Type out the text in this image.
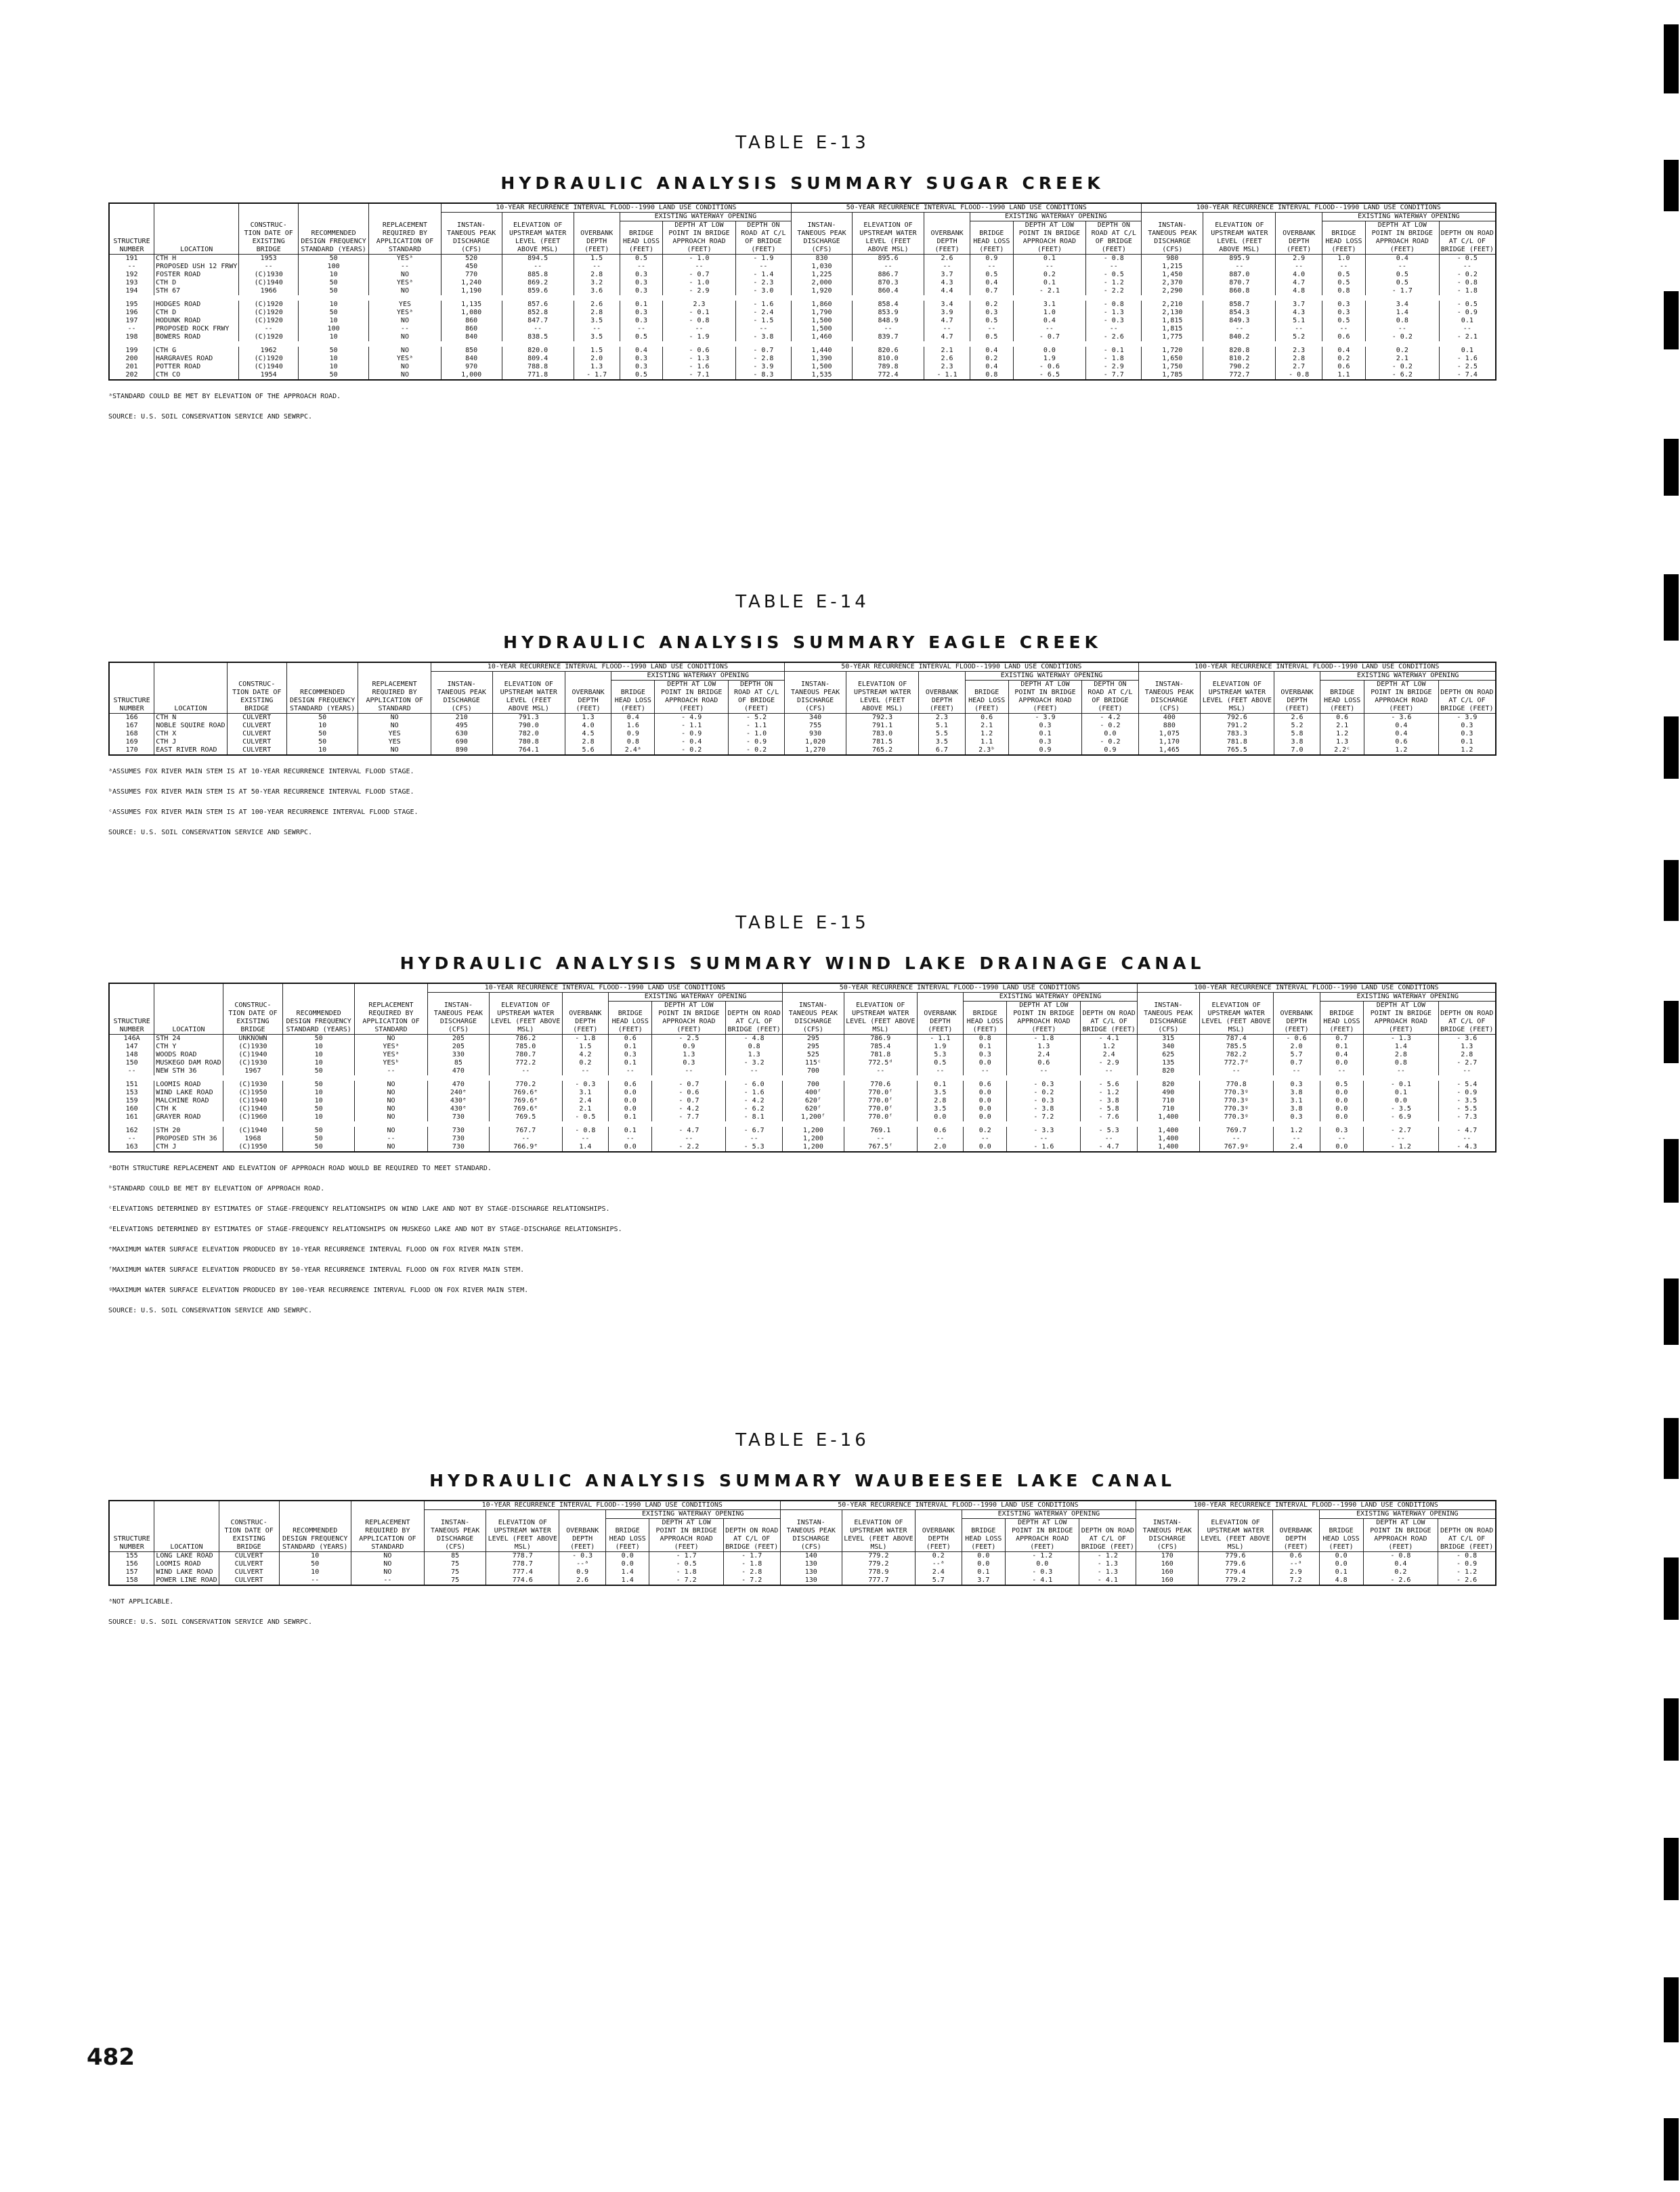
TABLE E-13
HYDRAULIC ANALYSIS SUMMARY SUGAR CREEK
STRUCTURE NUMBER	LOCATION	CONSTRUC- TION DATE OF EXISTING BRIDGE	RECOMMENDED DESIGN FREQUENCY STANDARD (YEARS)	REPLACEMENT REQUIRED BY APPLICATION OF STANDARD	10-YEAR RECURRENCE INTERVAL FLOOD--1990 LAND USE CONDITIONS						50-YEAR RECURRENCE INTERVAL FLOOD--1990 LAND USE CONDITIONS						100-YEAR RECURRENCE INTERVAL FLOOD--1990 LAND USE CONDITIONS					
					INSTAN- TANEOUS PEAK DISCHARGE (CFS)	ELEVATION OF UPSTREAM WATER LEVEL (FEET ABOVE MSL)	OVERBANK DEPTH (FEET)	EXISTING WATERWAY OPENING			INSTAN- TANEOUS PEAK DISCHARGE (CFS)	ELEVATION OF UPSTREAM WATER LEVEL (FEET ABOVE MSL)	OVERBANK DEPTH (FEET)	EXISTING WATERWAY OPENING			INSTAN- TANEOUS PEAK DISCHARGE (CFS)	ELEVATION OF UPSTREAM WATER LEVEL (FEET ABOVE MSL)	OVERBANK DEPTH (FEET)	EXISTING WATERWAY OPENING		
								BRIDGE HEAD LOSS (FEET)	DEPTH AT LOW POINT IN BRIDGE APPROACH ROAD (FEET)	DEPTH ON ROAD AT C/L OF BRIDGE (FEET)				BRIDGE HEAD LOSS (FEET)	DEPTH AT LOW POINT IN BRIDGE APPROACH ROAD (FEET)	DEPTH ON ROAD AT C/L OF BRIDGE (FEET)				BRIDGE HEAD LOSS (FEET)	DEPTH AT LOW POINT IN BRIDGE APPROACH ROAD (FEET)	DEPTH ON ROAD AT C/L OF BRIDGE (FEET)
191	CTH H	1953	50	YESᵃ	520	894.5	1.5	0.5	- 1.0	- 1.9	830	895.6	2.6	0.9	0.1	- 0.8	980	895.9	2.9	1.0	0.4	- 0.5
--	PROPOSED USH 12 FRWY	--	100	--	450	--	--	--	--	--	1,030	--	--	--	--	--	1,215	--	--	--	--	--
192	FOSTER ROAD	(C)1930	10	NO	770	885.8	2.8	0.3	- 0.7	- 1.4	1,225	886.7	3.7	0.5	0.2	- 0.5	1,450	887.0	4.0	0.5	0.5	- 0.2
193	CTH D	(C)1940	50	YESᵃ	1,240	869.2	3.2	0.3	- 1.0	- 2.3	2,000	870.3	4.3	0.4	0.1	- 1.2	2,370	870.7	4.7	0.5	0.5	- 0.8
194	STH 67	1966	50	NO	1,190	859.6	3.6	0.3	- 2.9	- 3.0	1,920	860.4	4.4	0.7	- 2.1	- 2.2	2,290	860.8	4.8	0.8	- 1.7	- 1.8

195	HODGES ROAD	(C)1920	10	YES	1,135	857.6	2.6	0.1	2.3	- 1.6	1,860	858.4	3.4	0.2	3.1	- 0.8	2,210	858.7	3.7	0.3	3.4	- 0.5
196	CTH D	(C)1920	50	YESᵃ	1,080	852.8	2.8	0.3	- 0.1	- 2.4	1,790	853.9	3.9	0.3	1.0	- 1.3	2,130	854.3	4.3	0.3	1.4	- 0.9
197	HODUNK ROAD	(C)1920	10	NO	860	847.7	3.5	0.3	- 0.8	- 1.5	1,500	848.9	4.7	0.5	0.4	- 0.3	1,815	849.3	5.1	0.5	0.8	0.1
--	PROPOSED ROCK FRWY	--	100	--	860	--	--	--	--	--	1,500	--	--	--	--	--	1,815	--	--	--	--	--
198	BOWERS ROAD	(C)1920	10	NO	840	838.5	3.5	0.5	- 1.9	- 3.8	1,460	839.7	4.7	0.5	- 0.7	- 2.6	1,775	840.2	5.2	0.6	- 0.2	- 2.1

199	CTH G	1962	50	NO	850	820.0	1.5	0.4	- 0.6	- 0.7	1,440	820.6	2.1	0.4	0.0	- 0.1	1,720	820.8	2.3	0.4	0.2	0.1
200	HARGRAVES ROAD	(C)1920	10	YESᵃ	840	809.4	2.0	0.3	- 1.3	- 2.8	1,390	810.0	2.6	0.2	1.9	- 1.8	1,650	810.2	2.8	0.2	2.1	- 1.6
201	POTTER ROAD	(C)1940	10	NO	970	788.8	1.3	0.3	- 1.6	- 3.9	1,500	789.8	2.3	0.4	- 0.6	- 2.9	1,750	790.2	2.7	0.6	- 0.2	- 2.5
202	CTH CO	1954	50	NO	1,000	771.8	- 1.7	0.5	- 7.1	- 8.3	1,535	772.4	- 1.1	0.8	- 6.5	- 7.7	1,785	772.7	- 0.8	1.1	- 6.2	- 7.4
ᵃSTANDARD COULD BE MET BY ELEVATION OF THE APPROACH ROAD.
SOURCE: U.S. SOIL CONSERVATION SERVICE AND SEWRPC.
TABLE E-14
HYDRAULIC ANALYSIS SUMMARY EAGLE CREEK
STRUCTURE NUMBER	LOCATION	CONSTRUC- TION DATE OF EXISTING BRIDGE	RECOMMENDED DESIGN FREQUENCY STANDARD (YEARS)	REPLACEMENT REQUIRED BY APPLICATION OF STANDARD	10-YEAR RECURRENCE INTERVAL FLOOD--1990 LAND USE CONDITIONS						50-YEAR RECURRENCE INTERVAL FLOOD--1990 LAND USE CONDITIONS						100-YEAR RECURRENCE INTERVAL FLOOD--1990 LAND USE CONDITIONS					
					INSTAN- TANEOUS PEAK DISCHARGE (CFS)	ELEVATION OF UPSTREAM WATER LEVEL (FEET ABOVE MSL)	OVERBANK DEPTH (FEET)	EXISTING WATERWAY OPENING			INSTAN- TANEOUS PEAK DISCHARGE (CFS)	ELEVATION OF UPSTREAM WATER LEVEL (FEET ABOVE MSL)	OVERBANK DEPTH (FEET)	EXISTING WATERWAY OPENING			INSTAN- TANEOUS PEAK DISCHARGE (CFS)	ELEVATION OF UPSTREAM WATER LEVEL (FEET ABOVE MSL)	OVERBANK DEPTH (FEET)	EXISTING WATERWAY OPENING		
								BRIDGE HEAD LOSS (FEET)	DEPTH AT LOW POINT IN BRIDGE APPROACH ROAD (FEET)	DEPTH ON ROAD AT C/L OF BRIDGE (FEET)				BRIDGE HEAD LOSS (FEET)	DEPTH AT LOW POINT IN BRIDGE APPROACH ROAD (FEET)	DEPTH ON ROAD AT C/L OF BRIDGE (FEET)				BRIDGE HEAD LOSS (FEET)	DEPTH AT LOW POINT IN BRIDGE APPROACH ROAD (FEET)	DEPTH ON ROAD AT C/L OF BRIDGE (FEET)
166	CTH N	CULVERT	50	NO	210	791.3	1.3	0.4	- 4.9	- 5.2	340	792.3	2.3	0.6	- 3.9	- 4.2	400	792.6	2.6	0.6	- 3.6	- 3.9
167	NOBLE SQUIRE ROAD	CULVERT	10	NO	495	790.0	4.0	1.6	- 1.1	- 1.1	755	791.1	5.1	2.1	0.3	- 0.2	880	791.2	5.2	2.1	0.4	0.3
168	CTH X	CULVERT	50	YES	630	782.0	4.5	0.9	- 0.9	- 1.0	930	783.0	5.5	1.2	0.1	0.0	1,075	783.3	5.8	1.2	0.4	0.3
169	CTH J	CULVERT	50	YES	690	780.8	2.8	0.8	- 0.4	- 0.9	1,020	781.5	3.5	1.1	0.3	- 0.2	1,170	781.8	3.8	1.3	0.6	0.1
170	EAST RIVER ROAD	CULVERT	10	NO	890	764.1	5.6	2.4ᵃ	- 0.2	- 0.2	1,270	765.2	6.7	2.3ᵇ	0.9	0.9	1,465	765.5	7.0	2.2ᶜ	1.2	1.2
ᵃASSUMES FOX RIVER MAIN STEM IS AT 10-YEAR RECURRENCE INTERVAL FLOOD STAGE.
ᵇASSUMES FOX RIVER MAIN STEM IS AT 50-YEAR RECURRENCE INTERVAL FLOOD STAGE.
ᶜASSUMES FOX RIVER MAIN STEM IS AT 100-YEAR RECURRENCE INTERVAL FLOOD STAGE.
SOURCE: U.S. SOIL CONSERVATION SERVICE AND SEWRPC.
TABLE E-15
HYDRAULIC ANALYSIS SUMMARY WIND LAKE DRAINAGE CANAL
STRUCTURE NUMBER	LOCATION	CONSTRUC- TION DATE OF EXISTING BRIDGE	RECOMMENDED DESIGN FREQUENCY STANDARD (YEARS)	REPLACEMENT REQUIRED BY APPLICATION OF STANDARD	10-YEAR RECURRENCE INTERVAL FLOOD--1990 LAND USE CONDITIONS						50-YEAR RECURRENCE INTERVAL FLOOD--1990 LAND USE CONDITIONS						100-YEAR RECURRENCE INTERVAL FLOOD--1990 LAND USE CONDITIONS					
					INSTAN- TANEOUS PEAK DISCHARGE (CFS)	ELEVATION OF UPSTREAM WATER LEVEL (FEET ABOVE MSL)	OVERBANK DEPTH (FEET)	EXISTING WATERWAY OPENING			INSTAN- TANEOUS PEAK DISCHARGE (CFS)	ELEVATION OF UPSTREAM WATER LEVEL (FEET ABOVE MSL)	OVERBANK DEPTH (FEET)	EXISTING WATERWAY OPENING			INSTAN- TANEOUS PEAK DISCHARGE (CFS)	ELEVATION OF UPSTREAM WATER LEVEL (FEET ABOVE MSL)	OVERBANK DEPTH (FEET)	EXISTING WATERWAY OPENING		
								BRIDGE HEAD LOSS (FEET)	DEPTH AT LOW POINT IN BRIDGE APPROACH ROAD (FEET)	DEPTH ON ROAD AT C/L OF BRIDGE (FEET)				BRIDGE HEAD LOSS (FEET)	DEPTH AT LOW POINT IN BRIDGE APPROACH ROAD (FEET)	DEPTH ON ROAD AT C/L OF BRIDGE (FEET)				BRIDGE HEAD LOSS (FEET)	DEPTH AT LOW POINT IN BRIDGE APPROACH ROAD (FEET)	DEPTH ON ROAD AT C/L OF BRIDGE (FEET)
146A	STH 24	UNKNOWN	50	NO	205	786.2	- 1.8	0.6	- 2.5	- 4.8	295	786.9	- 1.1	0.8	- 1.8	- 4.1	315	787.4	- 0.6	0.7	- 1.3	- 3.6
147	CTH Y	(C)1930	10	YESᵃ	205	785.0	1.5	0.1	0.9	0.8	295	785.4	1.9	0.1	1.3	1.2	340	785.5	2.0	0.1	1.4	1.3
148	WOODS ROAD	(C)1940	10	YESᵃ	330	780.7	4.2	0.3	1.3	1.3	525	781.8	5.3	0.3	2.4	2.4	625	782.2	5.7	0.4	2.8	2.8
150	MUSKEGO DAM ROAD	(C)1930	10	YESᵇ	85	772.2	0.2	0.1	0.3	- 3.2	115ᶜ	772.5ᵈ	0.5	0.0	0.6	- 2.9	135	772.7ᵈ	0.7	0.0	0.8	- 2.7
--	NEW STH 36	1967	50	--	470	--	--	--	--	--	700	--	--	--	--	--	820	--	--	--	--	--

151	LOOMIS ROAD	(C)1930	50	NO	470	770.2	- 0.3	0.6	- 0.7	- 6.0	700	770.6	0.1	0.6	- 0.3	- 5.6	820	770.8	0.3	0.5	- 0.1	- 5.4
153	WIND LAKE ROAD	(C)1950	10	NO	240ᵉ	769.6ᵉ	3.1	0.0	- 0.6	- 1.6	400ᶠ	770.0ᶠ	3.5	0.0	- 0.2	- 1.2	490	770.3ᵍ	3.8	0.0	0.1	- 0.9
159	MALCHINE ROAD	(C)1940	10	NO	430ᵉ	769.6ᵉ	2.4	0.0	- 0.7	- 4.2	620ᶠ	770.0ᶠ	2.8	0.0	- 0.3	- 3.8	710	770.3ᵍ	3.1	0.0	0.0	- 3.5
160	CTH K	(C)1940	50	NO	430ᵉ	769.6ᵉ	2.1	0.0	- 4.2	- 6.2	620ᶠ	770.0ᶠ	3.5	0.0	- 3.8	- 5.8	710	770.3ᵍ	3.8	0.0	- 3.5	- 5.5
161	GRAYER ROAD	(C)1960	10	NO	730	769.5	- 0.5	0.1	- 7.7	- 8.1	1,200ᶠ	770.0ᶠ	0.0	0.0	- 7.2	- 7.6	1,400	770.3ᵍ	0.3	0.0	- 6.9	- 7.3

162	STH 20	(C)1940	50	NO	730	767.7	- 0.8	0.1	- 4.7	- 6.7	1,200	769.1	0.6	0.2	- 3.3	- 5.3	1,400	769.7	1.2	0.3	- 2.7	- 4.7
--	PROPOSED STH 36	1968	50	--	730	--	--	--	--	--	1,200	--	--	--	--	--	1,400	--	--	--	--	--
163	CTH J	(C)1950	50	NO	730	766.9ᵉ	1.4	0.0	- 2.2	- 5.3	1,200	767.5ᶠ	2.0	0.0	- 1.6	- 4.7	1,400	767.9ᵍ	2.4	0.0	- 1.2	- 4.3
ᵃBOTH STRUCTURE REPLACEMENT AND ELEVATION OF APPROACH ROAD WOULD BE REQUIRED TO MEET STANDARD.
ᵇSTANDARD COULD BE MET BY ELEVATION OF APPROACH ROAD.
ᶜELEVATIONS DETERMINED BY ESTIMATES OF STAGE-FREQUENCY RELATIONSHIPS ON WIND LAKE AND NOT BY STAGE-DISCHARGE RELATIONSHIPS.
ᵈELEVATIONS DETERMINED BY ESTIMATES OF STAGE-FREQUENCY RELATIONSHIPS ON MUSKEGO LAKE AND NOT BY STAGE-DISCHARGE RELATIONSHIPS.
ᵉMAXIMUM WATER SURFACE ELEVATION PRODUCED BY 10-YEAR RECURRENCE INTERVAL FLOOD ON FOX RIVER MAIN STEM.
ᶠMAXIMUM WATER SURFACE ELEVATION PRODUCED BY 50-YEAR RECURRENCE INTERVAL FLOOD ON FOX RIVER MAIN STEM.
ᵍMAXIMUM WATER SURFACE ELEVATION PRODUCED BY 100-YEAR RECURRENCE INTERVAL FLOOD ON FOX RIVER MAIN STEM.
SOURCE: U.S. SOIL CONSERVATION SERVICE AND SEWRPC.
TABLE E-16
HYDRAULIC ANALYSIS SUMMARY WAUBEESEE LAKE CANAL
STRUCTURE NUMBER	LOCATION	CONSTRUC- TION DATE OF EXISTING BRIDGE	RECOMMENDED DESIGN FREQUENCY STANDARD (YEARS)	REPLACEMENT REQUIRED BY APPLICATION OF STANDARD	10-YEAR RECURRENCE INTERVAL FLOOD--1990 LAND USE CONDITIONS						50-YEAR RECURRENCE INTERVAL FLOOD--1990 LAND USE CONDITIONS						100-YEAR RECURRENCE INTERVAL FLOOD--1990 LAND USE CONDITIONS					
					INSTAN- TANEOUS PEAK DISCHARGE (CFS)	ELEVATION OF UPSTREAM WATER LEVEL (FEET ABOVE MSL)	OVERBANK DEPTH (FEET)	EXISTING WATERWAY OPENING			INSTAN- TANEOUS PEAK DISCHARGE (CFS)	ELEVATION OF UPSTREAM WATER LEVEL (FEET ABOVE MSL)	OVERBANK DEPTH (FEET)	EXISTING WATERWAY OPENING			INSTAN- TANEOUS PEAK DISCHARGE (CFS)	ELEVATION OF UPSTREAM WATER LEVEL (FEET ABOVE MSL)	OVERBANK DEPTH (FEET)	EXISTING WATERWAY OPENING		
								BRIDGE HEAD LOSS (FEET)	DEPTH AT LOW POINT IN BRIDGE APPROACH ROAD (FEET)	DEPTH ON ROAD AT C/L OF BRIDGE (FEET)				BRIDGE HEAD LOSS (FEET)	DEPTH AT LOW POINT IN BRIDGE APPROACH ROAD (FEET)	DEPTH ON ROAD AT C/L OF BRIDGE (FEET)				BRIDGE HEAD LOSS (FEET)	DEPTH AT LOW POINT IN BRIDGE APPROACH ROAD (FEET)	DEPTH ON ROAD AT C/L OF BRIDGE (FEET)
155	LONG LAKE ROAD	CULVERT	10	NO	85	778.7	- 0.3	0.0	- 1.7	- 1.7	140	779.2	0.2	0.0	- 1.2	- 1.2	170	779.6	0.6	0.0	- 0.8	- 0.8
156	LOOMIS ROAD	CULVERT	50	NO	75	778.7	--ᵃ	0.0	- 0.5	- 1.8	130	779.2	--ᵃ	0.0	0.0	- 1.3	160	779.6	--ᵃ	0.0	0.4	- 0.9
157	WIND LAKE ROAD	CULVERT	10	NO	75	777.4	0.9	1.4	- 1.8	- 2.8	130	778.9	2.4	0.1	- 0.3	- 1.3	160	779.4	2.9	0.1	0.2	- 1.2
158	POWER LINE ROAD	CULVERT	--	--	75	774.6	2.6	1.4	- 7.2	- 7.2	130	777.7	5.7	3.7	- 4.1	- 4.1	160	779.2	7.2	4.8	- 2.6	- 2.6
ᵃNOT APPLICABLE.
SOURCE: U.S. SOIL CONSERVATION SERVICE AND SEWRPC.
482
